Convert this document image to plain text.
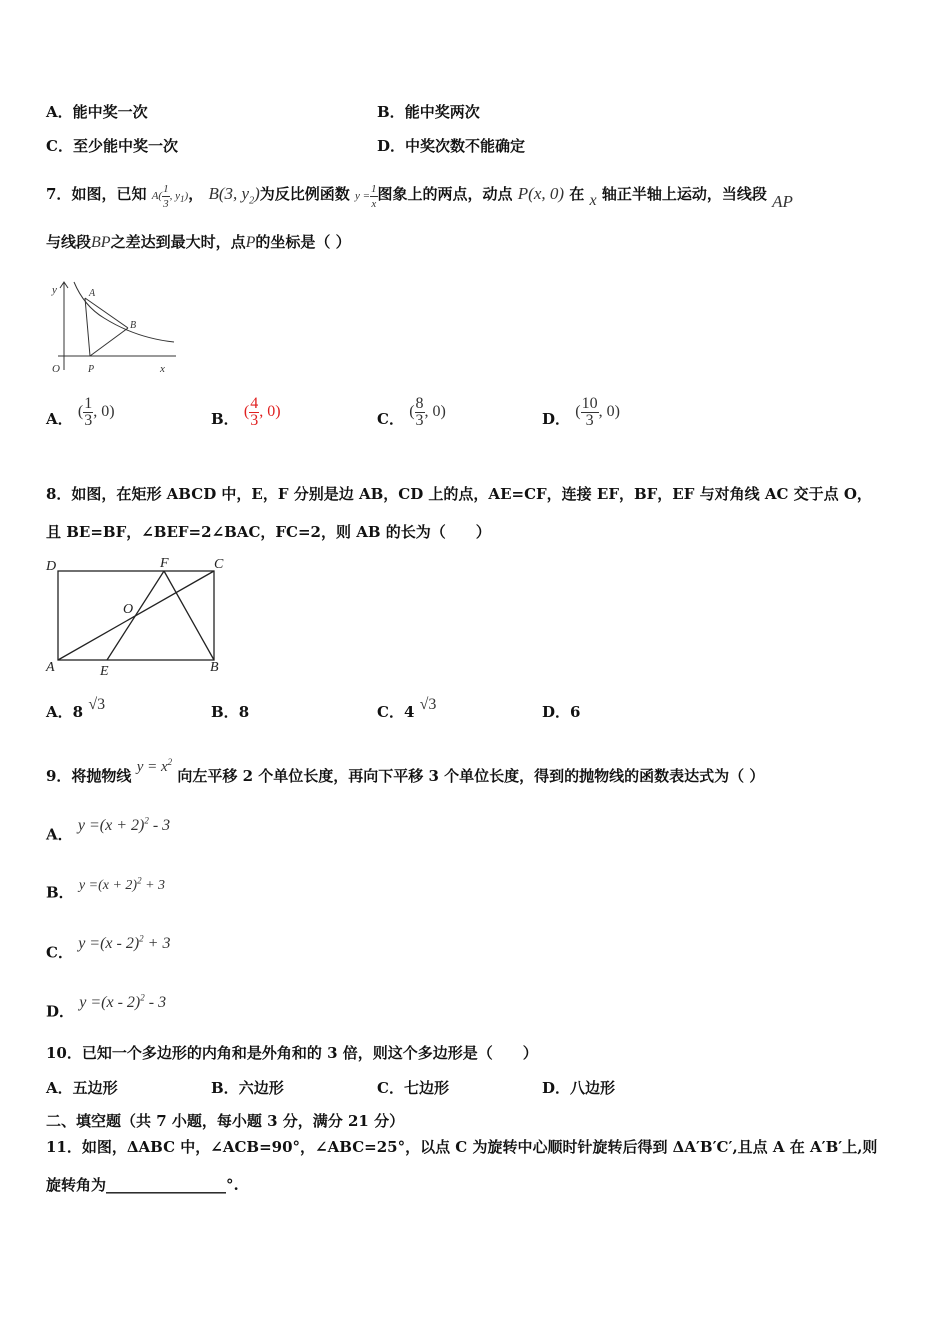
A．能中奖一次	B．能中奖两次
C．至少能中奖一次	D．中奖次数不能确定
7．如图，已知 $A( \frac{1}{3}$ , $y_1$)， B(3, $y_2$)为反比例函数 $y = \frac{1}{x}$ 图象上的两点，动点 P(x, 0) 在 x 轴正半轴上运动，当线段 AP
与线段BP之差达到最大时，点P的坐标是（ ）
y
O	x
A
B
P
A． ( $\frac{1}{3}$ , 0)	B． ( $\frac{4}{3}$ , 0)	C． ( $\frac{8}{3}$ , 0)	D． ( $\frac{10}{3}$ , 0)
8．如图，在矩形 ABCD 中，E，F 分别是边 AB，CD 上的点，AE=CF，连接 EF，BF，EF 与对角线 AC 交于点 O，
且 BE=BF，∠BEF=2∠BAC，FC=2，则 AB 的长为（　　）
D	F	C
O
A	E	B
A．8 √3	B．8	C．4 √3	D．6
9．将抛物线 $y = x^2$ 向左平移 2 个单位长度，再向下平移 3 个单位长度，得到的抛物线的函数表达式为（ ）
A． $y =(x + 2)^2 - 3$
B． $y =(x + 2)^2 + 3$
C． y =(x - 2)$^2$ + 3
D． y =(x - 2)$^2$ - 3
10．已知一个多边形的内角和是外角和的 3 倍，则这个多边形是（　　）
A．五边形	B．六边形	C．七边形	D．八边形
二、填空题（共 7 小题，每小题 3 分，满分 21 分）
11．如图，ΔABC 中，∠ACB=90°，∠ABC=25°，以点 C 为旋转中心顺时针旋转后得到 ΔA′B′C′,且点 A 在 A′B′上,则
旋转角为________________°.
